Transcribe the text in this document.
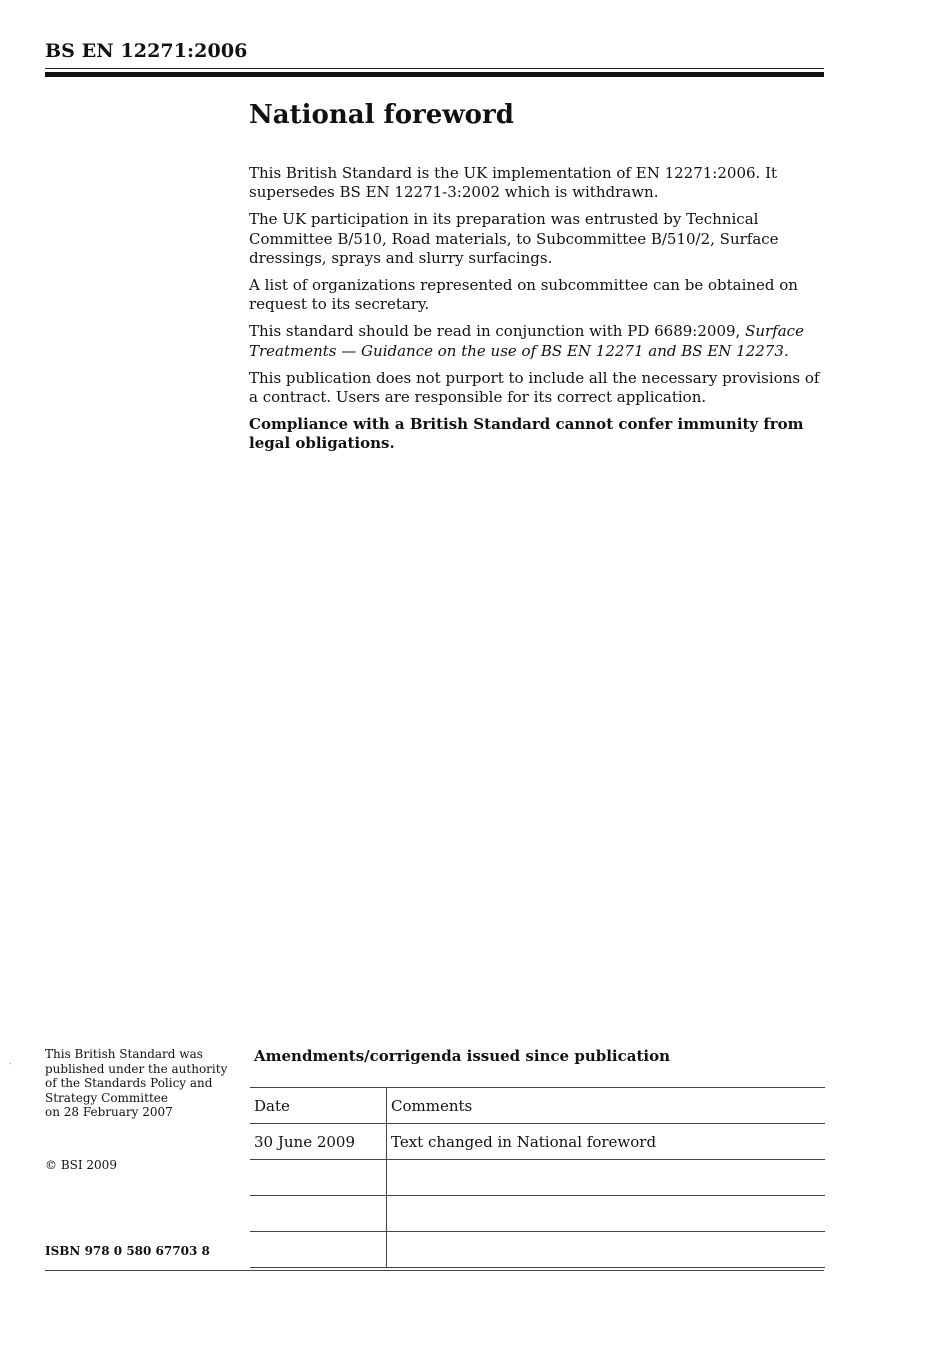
BS EN 12271:2006
National foreword

This British Standard is the UK implementation of EN 12271:2006. It supersedes BS EN 12271-3:2002 which is withdrawn.

The UK participation in its preparation was entrusted by Technical Committee B/510, Road materials, to Subcommittee B/510/2, Surface dressings, sprays and slurry surfacings.

A list of organizations represented on subcommittee can be obtained on request to its secretary.

This standard should be read in conjunction with PD 6689:2009, Surface Treatments — Guidance on the use of BS EN 12271 and BS EN 12273.

This publication does not purport to include all the necessary provisions of a contract. Users are responsible for its correct application.

Compliance with a British Standard cannot confer immunity from legal obligations.

-
This British Standard was
published under the authority
of the Standards Policy and
Strategy Committee
on 28 February 2007
© BSI 2009
ISBN 978 0 580 67703 8
Amendments/corrigenda issued since publication
Date	Comments
30 June 2009	Text changed in National foreword
